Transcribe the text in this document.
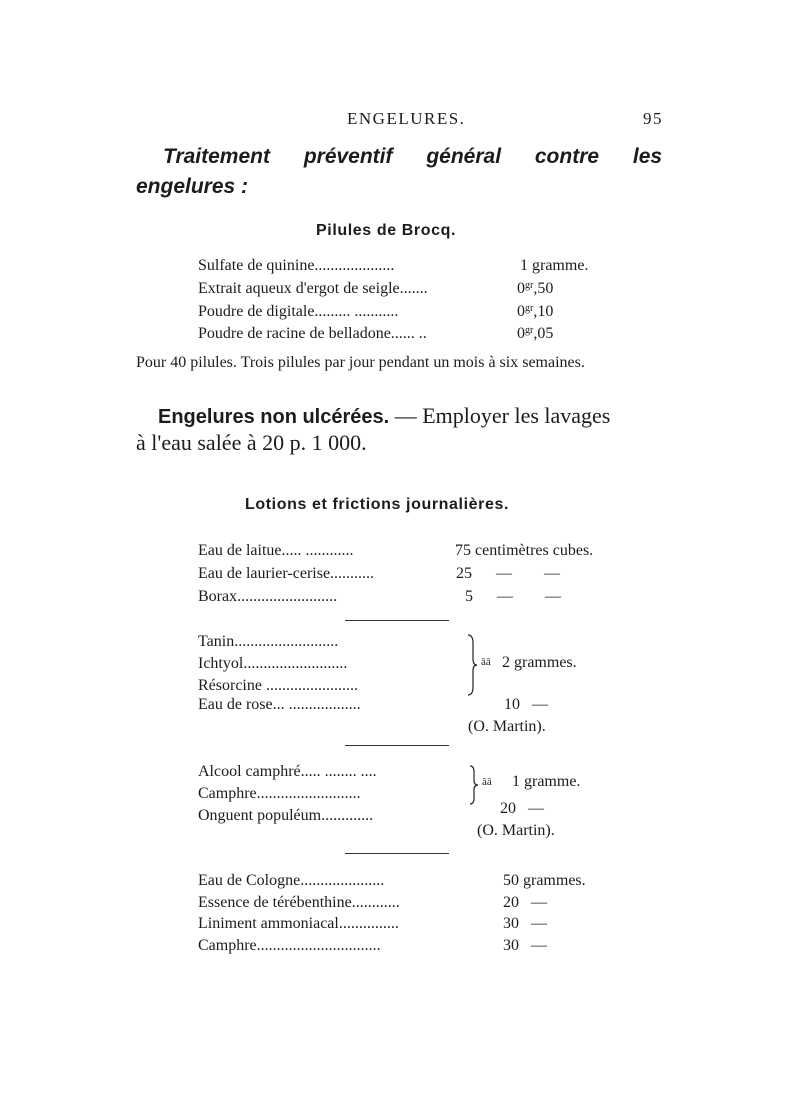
ENGELURES.	95
Traitement préventif général contre les
engelures :
Pilules de Brocq.
Sulfate de quinine....................	1 gramme.
Extrait aqueux d'ergot de seigle.......	$0^{gr},50$
Poudre de digitale......... ...........	$0^{gr},10$
Poudre de racine de belladone...... ..	$0^{gr},05$
Pour 40 pilules. Trois pilules par jour pendant un mois à six semaines.
Engelures non ulcérées. — Employer les lavages
à l'eau salée à 20 p. 1 000.
Lotions et frictions journalières.
Eau de laitue..... ............	75 centimètres cubes.
Eau de laurier-cerise...........	25      —        —
Borax.........................	5      —        —
Tanin..........................
Ichtyol..........................
Résorcine .......................
āā 2 grammes.
Eau de rose... ..................	10   —
(O. Martin).
Alcool camphré..... ........ ....
Camphre..........................
āā 1 gramme.
Onguent populéum.............	20   —
(O. Martin).
Eau de Cologne.....................	50 grammes.
Essence de térébenthine............	20   —
Liniment ammoniacal...............	30   —
Camphre...............................	30   —
